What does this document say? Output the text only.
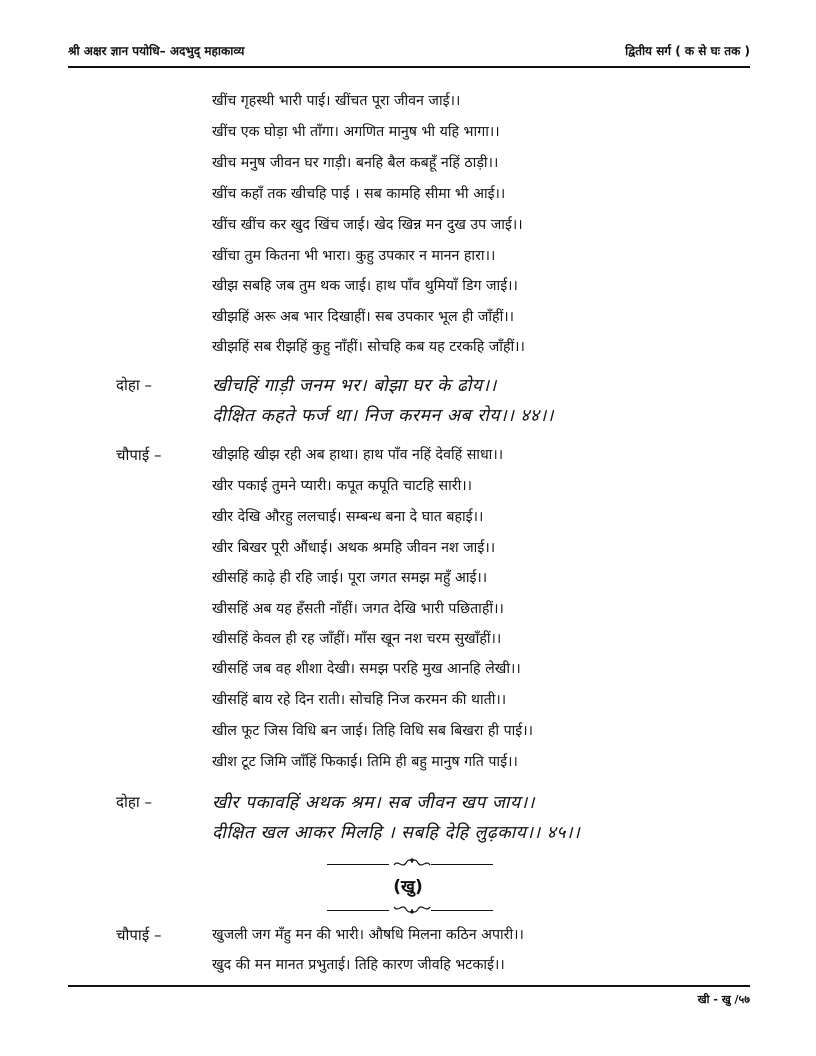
श्री अक्षर ज्ञान पयोधि– अदभुद् महाकाव्य	द्वितीय सर्ग ( क से घः तक )
खींच गृहस्थी भारी पाई। खींचत पूरा जीवन जाई।।
खींच एक घोड़ा भी ताँगा। अगणित मानुष भी यहि भागा।।
खीच मनुष जीवन घर गाड़ी। बनहि बैल कबहूँ नहिं ठाड़ी।।
खींच कहाँ तक खीचहि पाई । सब कामहि सीमा भी आई।।
खींच खींच कर खुद खिंच जाई। खेद खिन्न मन दुख उप जाई।।
खींचा तुम कितना भी भारा। कुहु उपकार न मानन हारा।।
खीझ सबहि जब तुम थक जाई। हाथ पाँव थुमियाँ डिग जाई।।
खीझहिं अरू अब भार दिखाहीं। सब उपकार भूल ही जाँहीं।।
खीझहिं सब रीझहिं कुहु नाँहीं। सोचहि कब यह टरकहि जाँहीं।।
दोहा –	खीचहिं गाड़ी जनम भर। बोझा घर के ढोय।।
दीक्षित कहते फर्ज था। निज करमन अब रोय।। ४४।।
चौपाई –	खीझहि खीझ रही अब हाथा। हाथ पाँव नहिं देवहिं साधा।।
खीर पकाई तुमने प्यारी। कपूत कपूति चाटहि सारी।।
खीर देखि औरहु ललचाई। सम्बन्ध बना दे घात बहाई।।
खीर बिखर पूरी औंधाई। अथक श्रमहि जीवन नश जाई।।
खीसहिं काढ़े ही रहि जाई। पूरा जगत समझ महुँ आई।।
खीसहिं अब यह हँसती नाँहीं। जगत देखि भारी पछिताहीं।।
खीसहिं केवल ही रह जाँहीं। माँस खून नश चरम सुखाँहीं।।
खीसहिं जब वह शीशा देखी। समझ परहि मुख आनहि लेखी।।
खीसहिं बाय रहे दिन राती। सोचहि निज करमन की थाती।।
खील फूट जिस विधि बन जाई। तिहि विधि सब बिखरा ही पाई।।
खीश टूट जिमि जाँहिं फिकाई। तिमि ही बहु मानुष गति पाई।।
दोहा –	खीर पकावहिं अथक श्रम। सब जीवन खप जाय।।
दीक्षित खल आकर मिलहि । सबहि देहि लुढ़काय।। ४५।।
(खु)
चौपाई –	खुजली जग मँहु मन की भारी। औषधि मिलना कठिन अपारी।।
खुद की मन मानत प्रभुताई। तिहि कारण जीवहि भटकाई।।
खी - खु /५७
